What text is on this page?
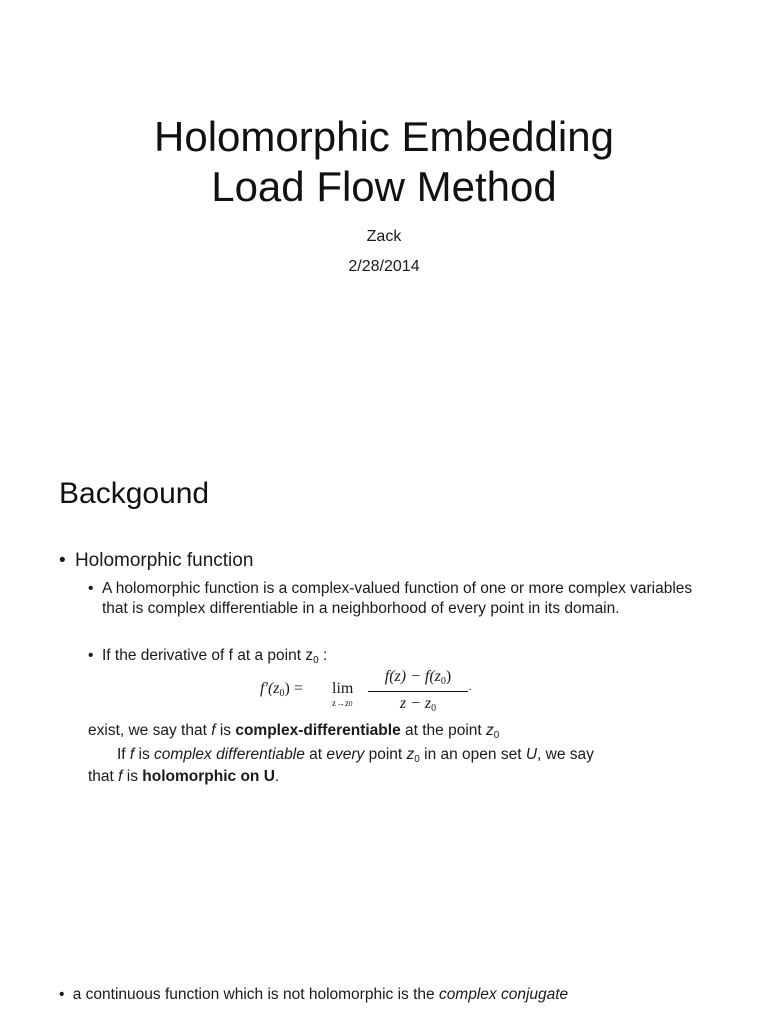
Holomorphic Embedding
Load Flow Method
Zack
2/28/2014
Backgound
• Holomorphic function
• A holomorphic function is a complex-valued function of one or more complex variables that is complex differentiable in a neighborhood of every point in its domain.
• If the derivative of f at a point $z_0$ :
$f'(z_0) = \lim$
z→z0
$f(z) - f(z_0)$
$z - z_0$
.
exist, we say that f is complex-differentiable at the point $z_0$
If f is complex differentiable at every point $z_0$ in an open set U, we say
that f is holomorphic on U.
• a continuous function which is not holomorphic is the complex conjugate
